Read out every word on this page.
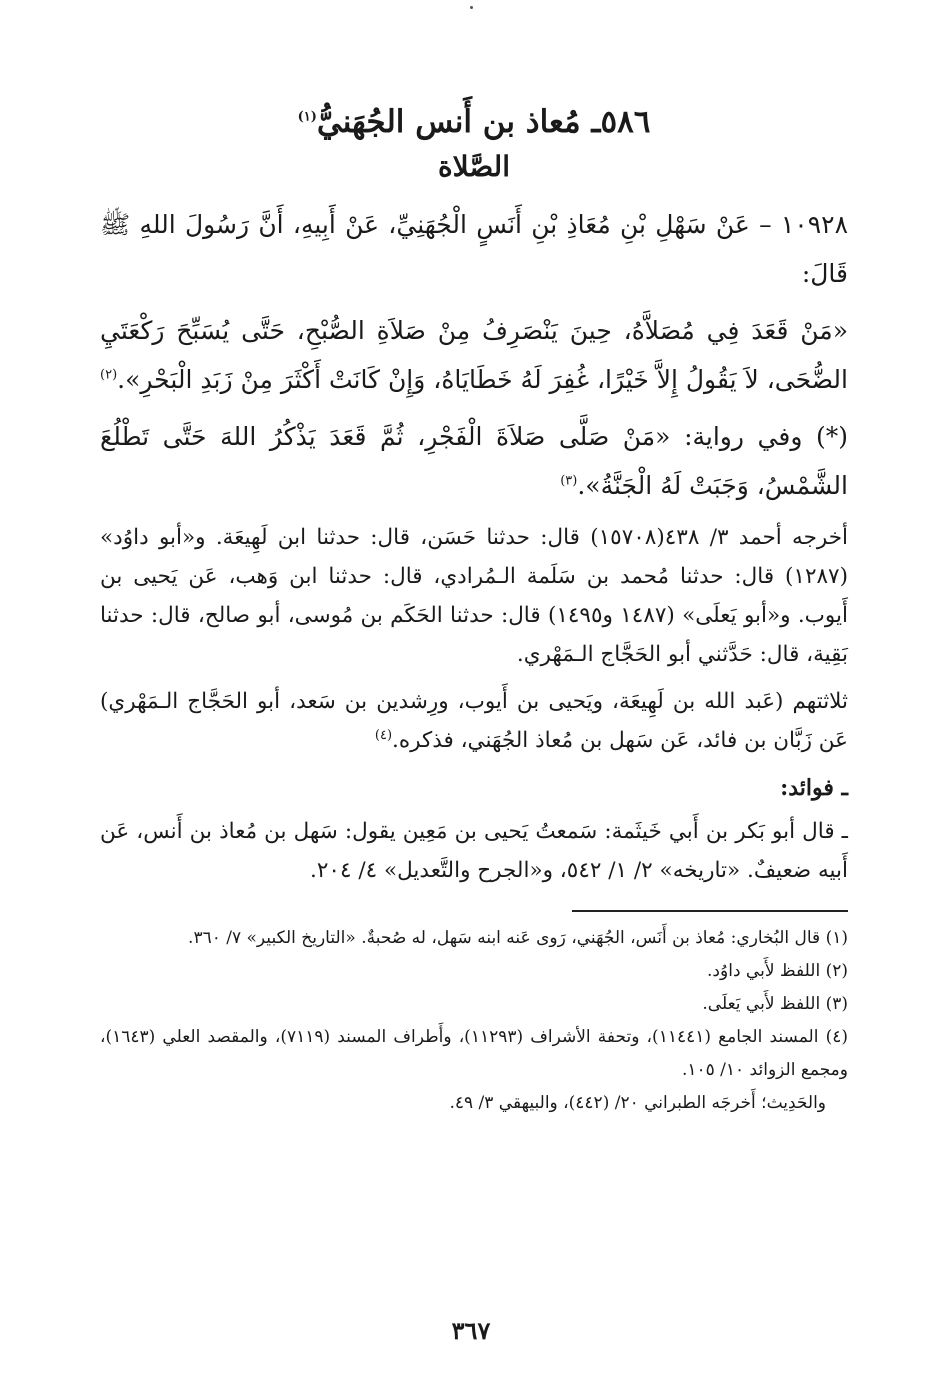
٥٨٦ـ مُعاذ بن أَنس الجُهَنيُّ$^{(١)}$
الصَّلاة

١٠٩٢٨ – عَنْ سَهْلِ بْنِ مُعَاذِ بْنِ أَنَسٍ الْجُهَنِيِّ، عَنْ أَبِيهِ، أَنَّ رَسُولَ اللهِ ﷺ قَالَ:

«مَنْ قَعَدَ فِي مُصَلاَّهُ، حِينَ يَنْصَرِفُ مِنْ صَلاَةِ الصُّبْحِ، حَتَّى يُسَبِّحَ رَكْعَتَيِ الضُّحَى، لاَ يَقُولُ إِلاَّ خَيْرًا، غُفِرَ لَهُ خَطَايَاهُ، وَإِنْ كَانَتْ أَكْثَرَ مِنْ زَبَدِ الْبَحْرِ».$^{(٢)}$

(*) وفي رواية: «مَنْ صَلَّى صَلاَةَ الْفَجْرِ، ثُمَّ قَعَدَ يَذْكُرُ اللهَ حَتَّى تَطْلُعَ الشَّمْسُ، وَجَبَتْ لَهُ الْجَنَّةُ».$^{(٣)}$

أخرجه أحمد ٣/ ٤٣٨(١٥٧٠٨) قال: حدثنا حَسَن، قال: حدثنا ابن لَهِيعَة. و«أبو داوُد» (١٢٨٧) قال: حدثنا مُحمد بن سَلَمة الـمُرادي، قال: حدثنا ابن وَهب، عَن يَحيى بن أَيوب. و«أبو يَعلَى» (١٤٨٧ و١٤٩٥) قال: حدثنا الحَكَم بن مُوسى، أبو صالح، قال: حدثنا بَقِية، قال: حَدَّثني أبو الحَجَّاج الـمَهْري.

ثلاثتهم (عَبد الله بن لَهِيعَة، ويَحيى بن أَيوب، ورِشدين بن سَعد، أبو الحَجَّاج الـمَهْري) عَن زَبَّان بن فائد، عَن سَهل بن مُعاذ الجُهَني، فذكره.$^{(٤)}$

ـ فوائد:

ـ قال أبو بَكر بن أَبي خَيثَمة: سَمعتُ يَحيى بن مَعِين يقول: سَهل بن مُعاذ بن أَنس، عَن أَبيه ضعيفٌ. «تاريخه» ٢/ ١/ ٥٤٢، و«الجرح والتَّعديل» ٤/ ٢٠٤.

(١) قال البُخاري: مُعاذ بن أَنَس، الجُهَني، رَوى عَنه ابنه سَهل، له صُحبةٌ. «التاريخ الكبير» ٧/ ٣٦٠.

(٢) اللفظ لأَبي داوُد.

(٣) اللفظ لأَبي يَعلَى.

(٤) المسند الجامع (١١٤٤١)، وتحفة الأشراف (١١٢٩٣)، وأَطراف المسند (٧١١٩)، والمقصد العلي (١٦٤٣)، ومجمع الزوائد ١٠/ ١٠٥.

والحَدِيث؛ أَخرجَه الطبراني ٢٠/ (٤٤٢)، والبيهقي ٣/ ٤٩.

٣٦٧
